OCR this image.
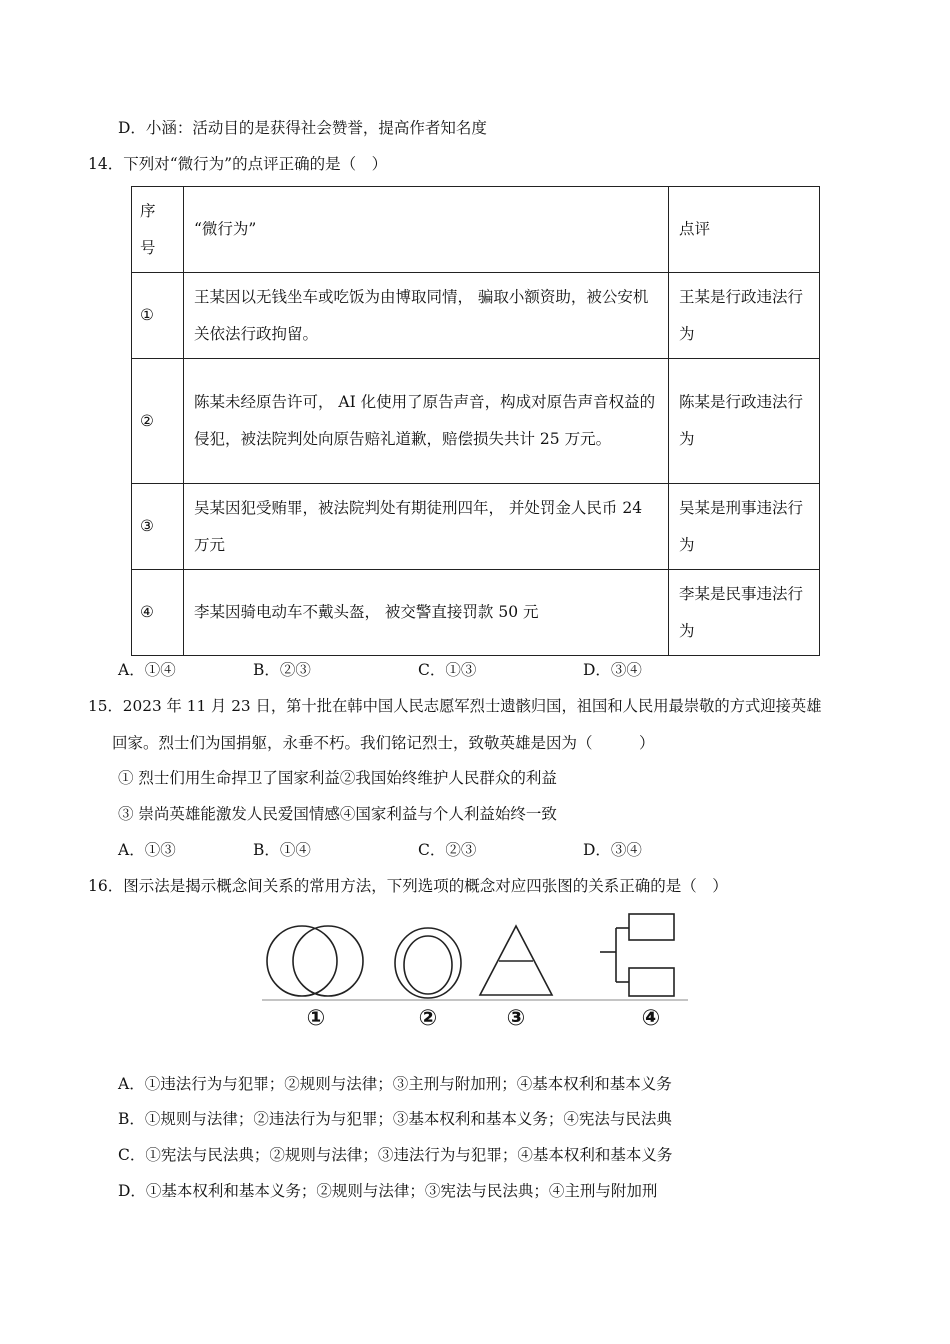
D．小涵：活动目的是获得社会赞誉，提高作者知名度
14．下列对“微行为”的点评正确的是（　）
序号	“微行为”	点评
①	王某因以无钱坐车或吃饭为由博取同情， 骗取小额资助，被公安机关依法行政拘留。	王某是行政违法行为
②	陈某未经原告许可， AI 化使用了原告声音，构成对原告声音权益的侵犯，被法院判处向原告赔礼道歉，赔偿损失共计 25 万元。	陈某是行政违法行为
③	吴某因犯受贿罪，被法院判处有期徒刑四年， 并处罚金人民币 24 万元	吴某是刑事违法行为
④	李某因骑电动车不戴头盔， 被交警直接罚款 50 元	李某是民事违法行为
A．①④	B．②③	C．①③	D．③④
15．2023 年 11 月 23 日，第十批在韩中国人民志愿军烈士遗骸归国，祖国和人民用最崇敬的方式迎接英雄
回家。烈士们为国捐躯，永垂不朽。我们铭记烈士，致敬英雄是因为（　　　）
① 烈士们用生命捍卫了国家利益②我国始终维护人民群众的利益
③ 崇尚英雄能激发人民爱国情感④国家利益与个人利益始终一致
A．①③	B．①④	C．②③	D．③④
16．图示法是揭示概念间关系的常用方法，下列选项的概念对应四张图的关系正确的是（　）
①	②	③	④
A．①违法行为与犯罪；②规则与法律；③主刑与附加刑；④基本权利和基本义务
B．①规则与法律；②违法行为与犯罪；③基本权利和基本义务；④宪法与民法典
C．①宪法与民法典；②规则与法律；③违法行为与犯罪；④基本权利和基本义务
D．①基本权利和基本义务；②规则与法律；③宪法与民法典；④主刑与附加刑
